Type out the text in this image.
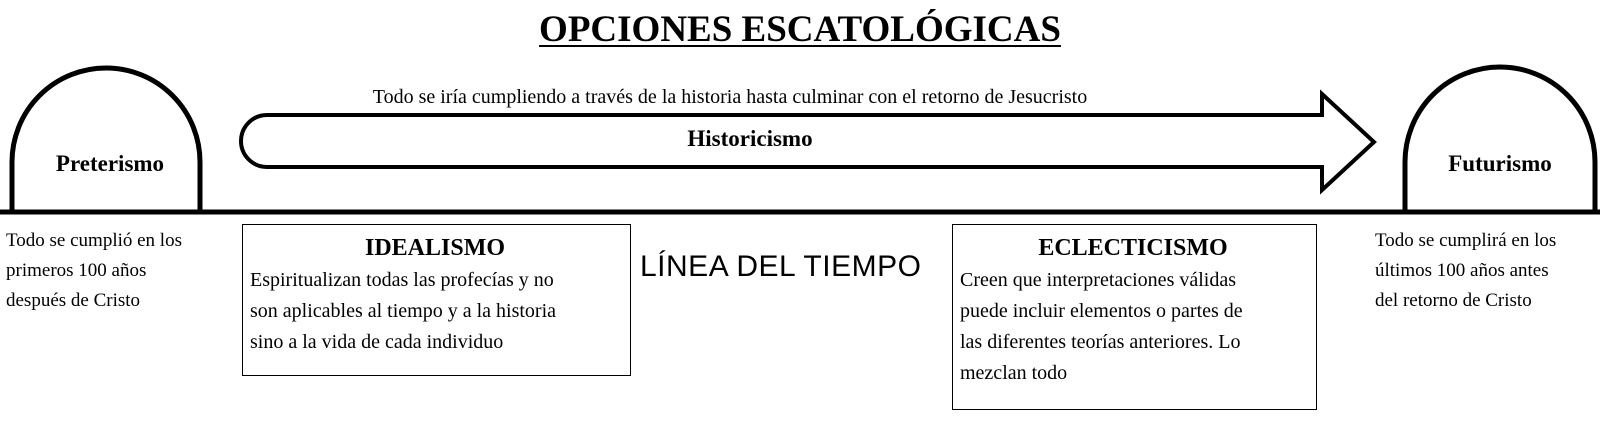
OPCIONES ESCATOLÓGICAS
Todo se iría cumpliendo a través de la historia hasta culminar con el retorno de Jesucristo
Historicismo
Preterismo	Futurismo
Todo se cumplió en los
primeros 100 años
después de Cristo
Todo se cumplirá en los
últimos 100 años antes
del retorno de Cristo
IDEALISMO
Espiritualizan todas las profecías y no
son aplicables al tiempo y a la historia
sino a la vida de cada individuo
LÍNEA DEL TIEMPO
ECLECTICISMO
Creen que interpretaciones válidas
puede incluir elementos o partes de
las diferentes teorías anteriores. Lo
mezclan todo
